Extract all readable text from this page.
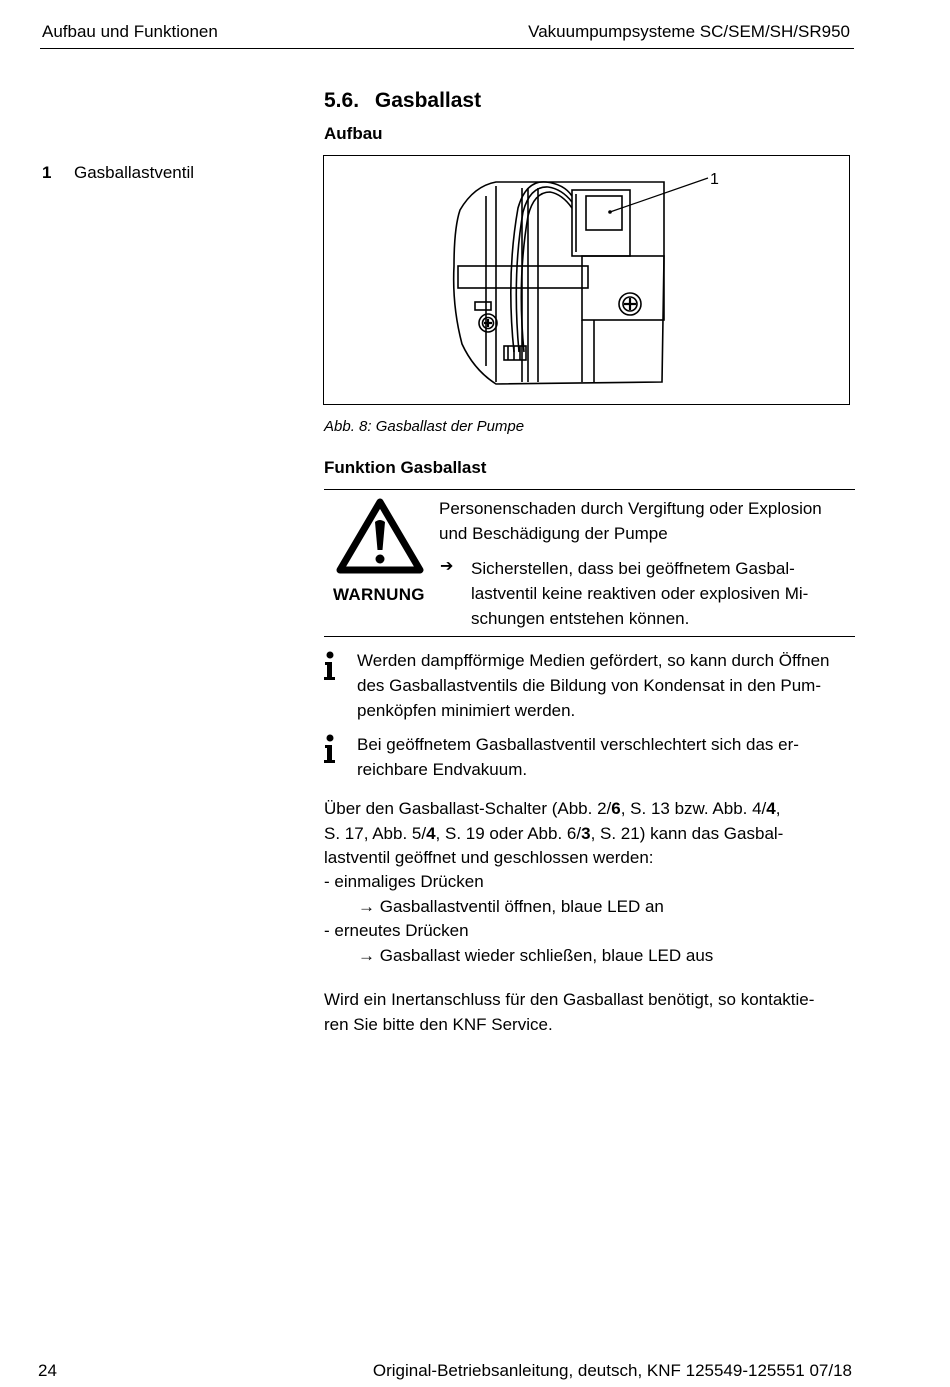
Aufbau und Funktionen	Vakuumpumpsysteme SC/SEM/SH/SR950
5.6. Gasballast
Aufbau
1 Gasballastventil	1
Abb. 8: Gasballast der Pumpe
Funktion Gasballast
WARNUNG
Personenschaden durch Vergiftung oder Explosion
und Beschädigung der Pumpe
➔ Sicherstellen, dass bei geöffnetem Gasbal-
lastventil keine reaktiven oder explosiven Mi-
schungen entstehen können.
Werden dampfförmige Medien gefördert, so kann durch Öffnen
des Gasballastventils die Bildung von Kondensat in den Pum-
penköpfen minimiert werden.
Bei geöffnetem Gasballastventil verschlechtert sich das er-
reichbare Endvakuum.
Über den Gasballast-Schalter (Abb. 2/6, S. 13 bzw. Abb. 4/4,
S. 17, Abb. 5/4, S. 19 oder Abb. 6/3, S. 21) kann das Gasbal-
lastventil geöffnet und geschlossen werden:
- einmaliges Drücken
→ Gasballastventil öffnen, blaue LED an
- erneutes Drücken
→ Gasballast wieder schließen, blaue LED aus
Wird ein Inertanschluss für den Gasballast benötigt, so kontaktie-
ren Sie bitte den KNF Service.
24	Original-Betriebsanleitung, deutsch, KNF 125549-125551 07/18
